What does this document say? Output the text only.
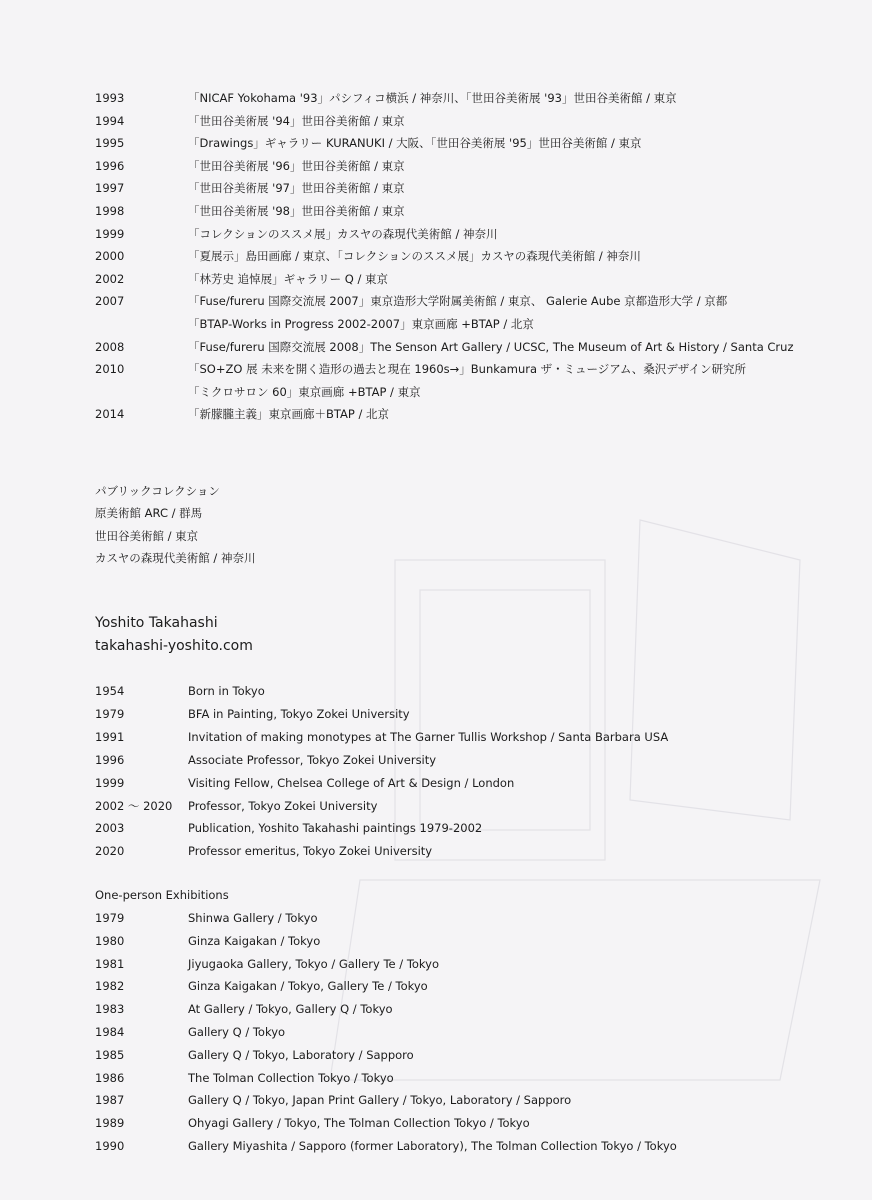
1993	「NICAF Yokohama '93」パシフィコ横浜 / 神奈川、「世田谷美術展 '93」世田谷美術館 / 東京
1994	「世田谷美術展 '94」世田谷美術館 / 東京
1995	「Drawings」ギャラリー KURANUKI / 大阪、「世田谷美術展 '95」世田谷美術館 / 東京
1996	「世田谷美術展 '96」世田谷美術館 / 東京
1997	「世田谷美術展 '97」世田谷美術館 / 東京
1998	「世田谷美術展 '98」世田谷美術館 / 東京
1999	「コレクションのススメ展」カスヤの森現代美術館 / 神奈川
2000	「夏展示」島田画廊 / 東京、「コレクションのススメ展」カスヤの森現代美術館 / 神奈川
2002	「林芳史 追悼展」ギャラリー Q / 東京
2007	「Fuse/fureru 国際交流展 2007」東京造形大学附属美術館 / 東京、 Galerie Aube 京都造形大学 / 京都
「BTAP-Works in Progress 2002-2007」東京画廊 +BTAP / 北京
2008	「Fuse/fureru 国際交流展 2008」The Senson Art Gallery / UCSC, The Museum of Art & History / Santa Cruz
2010	「SO+ZO 展 未来を開く造形の過去と現在 1960s→」Bunkamura ザ・ミュージアム、桑沢デザイン研究所
「ミクロサロン 60」東京画廊 +BTAP / 東京
2014	「新朦朧主義」東京画廊＋BTAP / 北京
パブリックコレクション
原美術館 ARC / 群馬
世田谷美術館 / 東京
カスヤの森現代美術館 / 神奈川
Yoshito Takahashi
takahashi-yoshito.com
1954	Born in Tokyo
1979	BFA in Painting, Tokyo Zokei University
1991	Invitation of making monotypes at The Garner Tullis Workshop / Santa Barbara USA
1996	Associate Professor, Tokyo Zokei University
1999	Visiting Fellow, Chelsea College of Art & Design / London
2002 ～ 2020 Professor, Tokyo Zokei University
2003	Publication, Yoshito Takahashi paintings 1979-2002
2020	Professor emeritus, Tokyo Zokei University
One-person Exhibitions
1979	Shinwa Gallery / Tokyo
1980	Ginza Kaigakan / Tokyo
1981	Jiyugaoka Gallery, Tokyo / Gallery Te / Tokyo
1982	Ginza Kaigakan / Tokyo, Gallery Te / Tokyo
1983	At Gallery / Tokyo, Gallery Q / Tokyo
1984	Gallery Q / Tokyo
1985	Gallery Q / Tokyo, Laboratory / Sapporo
1986	The Tolman Collection Tokyo / Tokyo
1987	Gallery Q / Tokyo, Japan Print Gallery / Tokyo, Laboratory / Sapporo
1989	Ohyagi Gallery / Tokyo, The Tolman Collection Tokyo / Tokyo
1990	Gallery Miyashita / Sapporo (former Laboratory), The Tolman Collection Tokyo / Tokyo
